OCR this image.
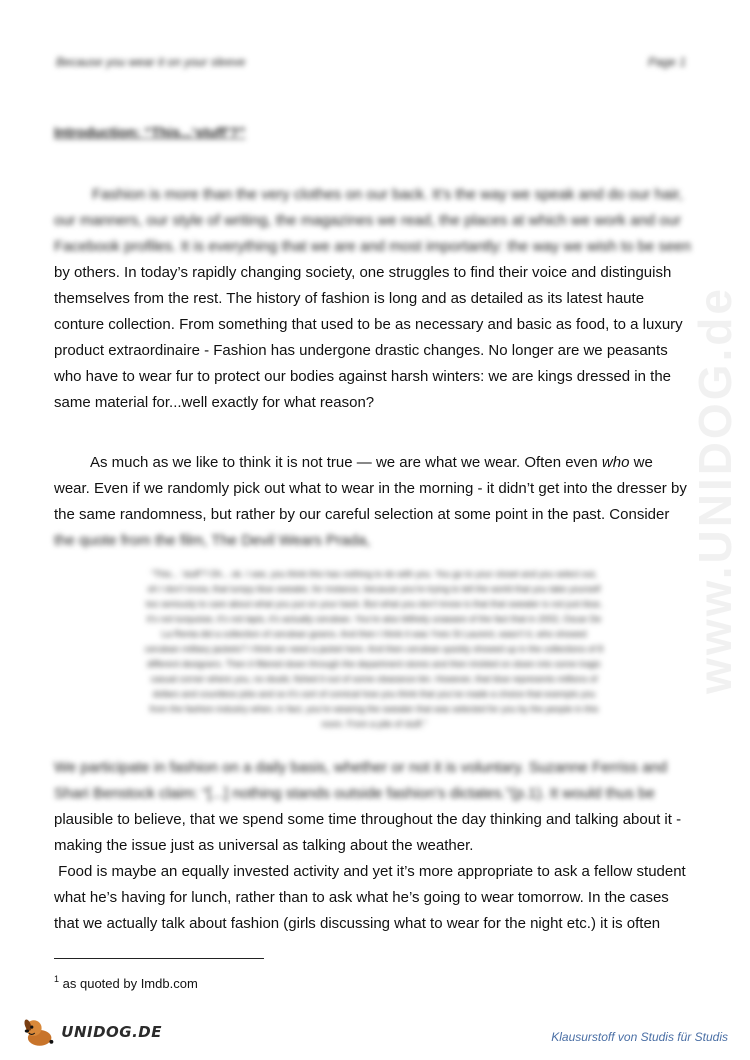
Because you wear it on your sleeve	Page 1
Introduction: “This...‘stuff’?”
Fashion is more than the very clothes on our back. It’s the way we speak and do our hair,
our manners, our style of writing, the magazines we read, the places at which we work and our
Facebook profiles. It is everything that we are and most importantly: the way we wish to be seen
by others. In today’s rapidly changing society, one struggles to find their voice and distinguish
themselves from the rest. The history of fashion is long and as detailed as its latest haute
conture collection. From something that used to be as necessary and basic as food, to a luxury
product extraordinaire - Fashion has undergone drastic changes. No longer are we peasants
who have to wear fur to protect our bodies against harsh winters: we are kings dressed in the
same material for...well exactly for what reason?
As much as we like to think it is not true — we are what we wear. Often even who we
wear. Even if we randomly pick out what to wear in the morning - it didn’t get into the dresser by
the same randomness, but rather by our careful selection at some point in the past. Consider
the quote from the film, The Devil Wears Prada,
“This... ‘stuff’? Oh... ok. I see, you think this has nothing to do with you. You go to your closet and you select out,
oh I don’t know, that lumpy blue sweater, for instance, because you’re trying to tell the world that you take yourself
too seriously to care about what you put on your back. But what you don’t know is that that sweater is not just blue,
it’s not turquoise, it’s not lapis, it’s actually cerulean. You’re also blithely unaware of the fact that in 2002, Oscar De
La Renta did a collection of cerulean gowns. And then I think it was Yves St Laurent, wasn’t it, who showed
cerulean military jackets? I think we need a jacket here. And then cerulean quickly showed up in the collections of 8
different designers. Then it filtered down through the department stores and then trickled on down into some tragic
casual corner where you, no doubt, fished it out of some clearance bin. However, that blue represents millions of
dollars and countless jobs and so it’s sort of comical how you think that you’ve made a choice that exempts you
from the fashion industry when, in fact, you’re wearing the sweater that was selected for you by the people in this
room. From a pile of stuff.”
We participate in fashion on a daily basis, whether or not it is voluntary. Suzanne Ferriss and
Shari Benstock claim: “[...] nothing stands outside fashion’s dictates.”(p.1). It would thus be
plausible to believe, that we spend some time throughout the day thinking and talking about it -
making the issue just as universal as talking about the weather.
Food is maybe an equally invested activity and yet it’s more appropriate to ask a fellow student
what he’s having for lunch, rather than to ask what he’s going to wear tomorrow. In the cases
that we actually talk about fashion (girls discussing what to wear for the night etc.) it is often
$^1$ as quoted by Imdb.com
www.UNIDOG.de
UNIDOG.DE	Klausurstoff von Studis für Studis
